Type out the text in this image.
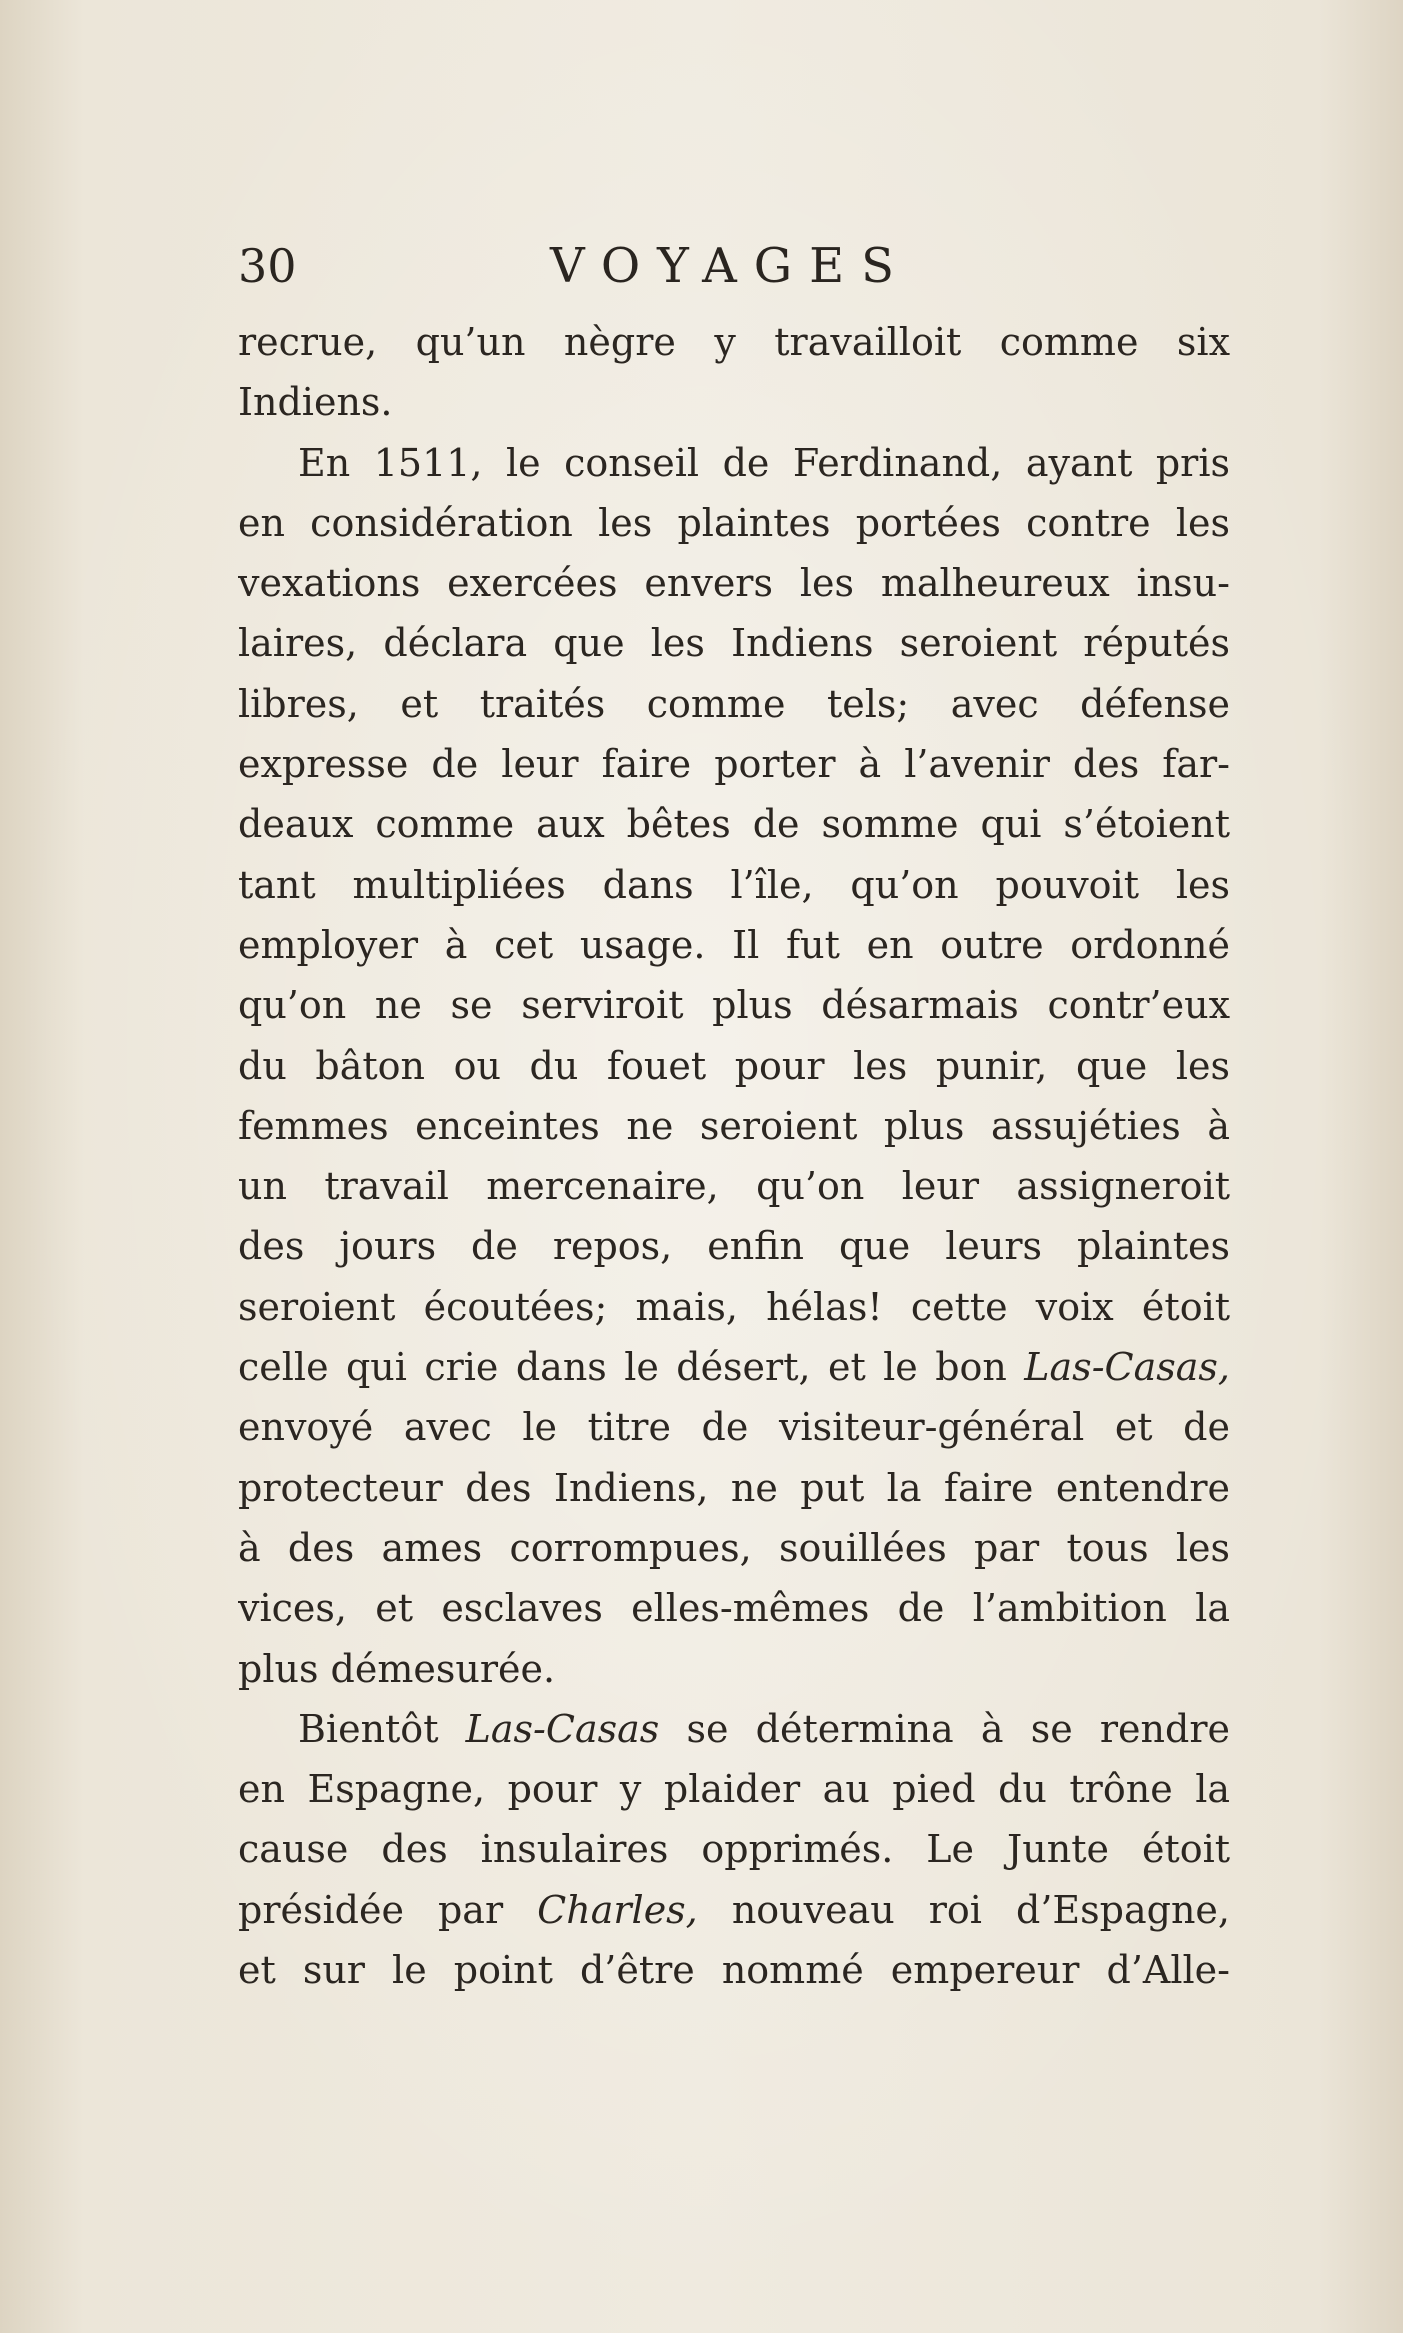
30	VOYAGES
recrue, qu’un nègre y travailloit comme six
Indiens.
En 1511, le conseil de Ferdinand, ayant pris
en considération les plaintes portées contre les
vexations exercées envers les malheureux insu-
laires, déclara que les Indiens seroient réputés
libres, et traités comme tels; avec défense
expresse de leur faire porter à l’avenir des far-
deaux comme aux bêtes de somme qui s’étoient
tant multipliées dans l’île, qu’on pouvoit les
employer à cet usage. Il fut en outre ordonné
qu’on ne se serviroit plus désarmais contr’eux
du bâton ou du fouet pour les punir, que les
femmes enceintes ne seroient plus assujéties à
un travail mercenaire, qu’on leur assigneroit
des jours de repos, enfin que leurs plaintes
seroient écoutées; mais, hélas! cette voix étoit
celle qui crie dans le désert, et le bon Las-Casas,
envoyé avec le titre de visiteur-général et de
protecteur des Indiens, ne put la faire entendre
à des ames corrompues, souillées par tous les
vices, et esclaves elles-mêmes de l’ambition la
plus démesurée.
Bientôt Las-Casas se détermina à se rendre
en Espagne, pour y plaider au pied du trône la
cause des insulaires opprimés. Le Junte étoit
présidée par Charles, nouveau roi d’Espagne,
et sur le point d’être nommé empereur d’Alle-
